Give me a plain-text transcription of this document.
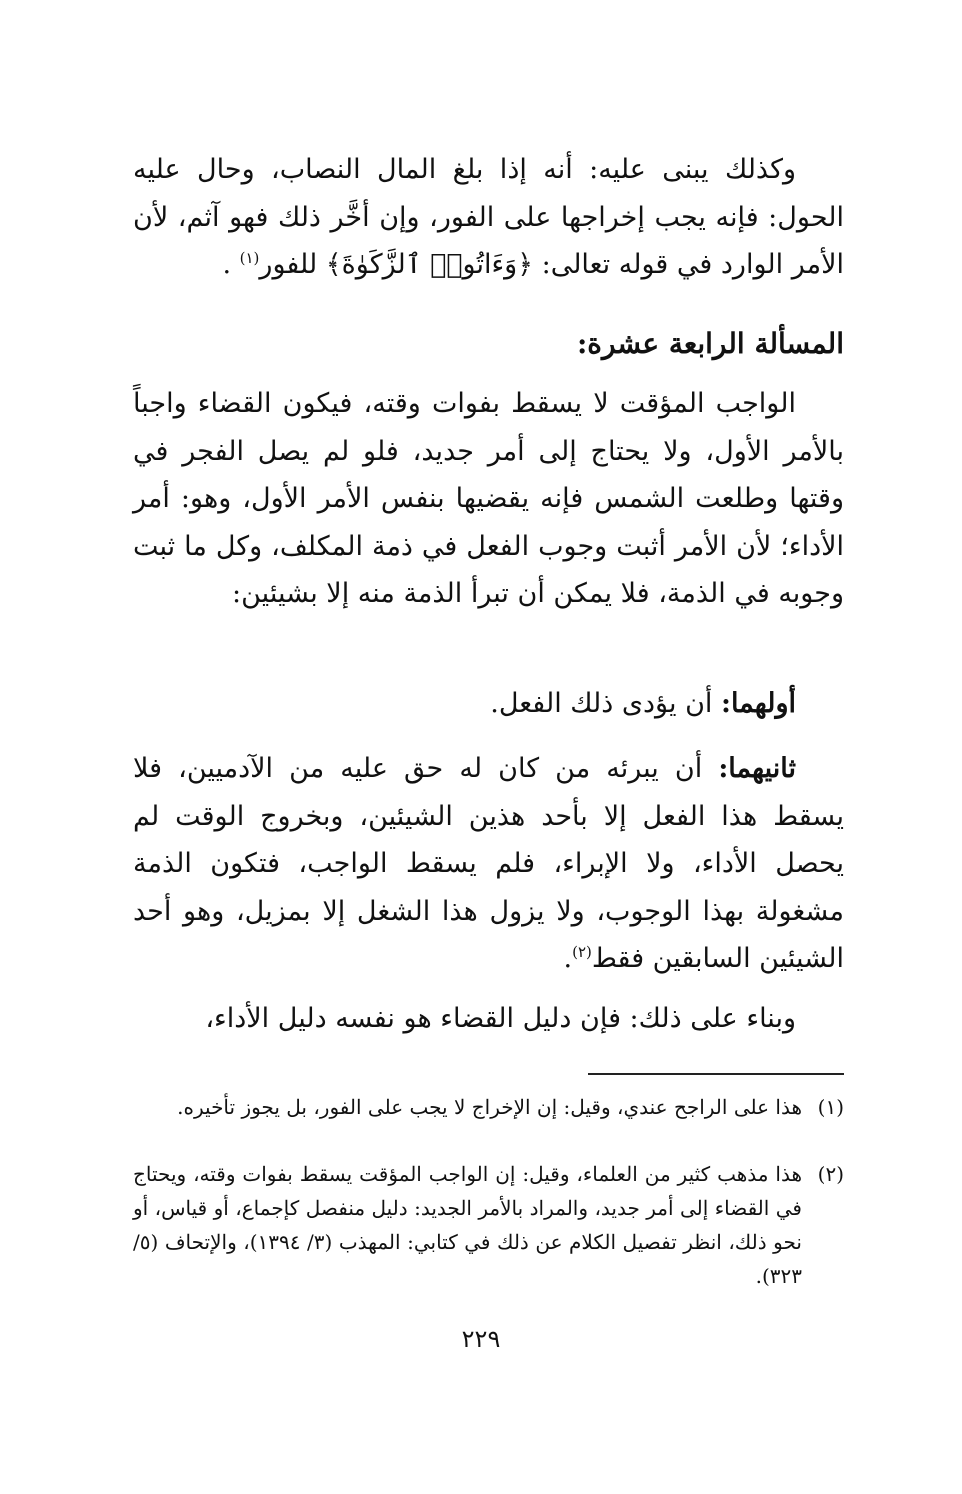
وكذلك يبنى عليه: أنه إذا بلغ المال النصاب، وحال عليه الحول: فإنه يجب إخراجها على الفور، وإن أخَّر ذلك فهو آثم، لأن الأمر الوارد في قوله تعالى: ﴿وَءَاتُوا۟ ٱلزَّكَوٰةَ﴾ للفور$^{(١)}$ .

المسألة الرابعة عشرة:

الواجب المؤقت لا يسقط بفوات وقته، فيكون القضاء واجباً بالأمر الأول، ولا يحتاج إلى أمر جديد، فلو لم يصل الفجر في وقتها وطلعت الشمس فإنه يقضيها بنفس الأمر الأول، وهو: أمر الأداء؛ لأن الأمر أثبت وجوب الفعل في ذمة المكلف، وكل ما ثبت وجوبه في الذمة، فلا يمكن أن تبرأ الذمة منه إلا بشيئين:

أولهما: أن يؤدى ذلك الفعل.

ثانيهما: أن يبرئه من كان له حق عليه من الآدميين، فلا يسقط هذا الفعل إلا بأحد هذين الشيئين، وبخروج الوقت لم يحصل الأداء، ولا الإبراء، فلم يسقط الواجب، فتكون الذمة مشغولة بهذا الوجوب، ولا يزول هذا الشغل إلا بمزيل، وهو أحد الشيئين السابقين فقط$^{(٢)}$.

وبناء على ذلك: فإن دليل القضاء هو نفسه دليل الأداء،

(١)
هذا على الراجح عندي، وقيل: إن الإخراج لا يجب على الفور، بل يجوز تأخيره.
(٢)
هذا مذهب كثير من العلماء، وقيل: إن الواجب المؤقت يسقط بفوات وقته، ويحتاج في القضاء إلى أمر جديد، والمراد بالأمر الجديد: دليل منفصل كإجماع، أو قياس، أو نحو ذلك، انظر تفصيل الكلام عن ذلك في كتابي: المهذب (٣/ ١٣٩٤)، والإتحاف (٥/ ٣٢٣).

٢٢٩
